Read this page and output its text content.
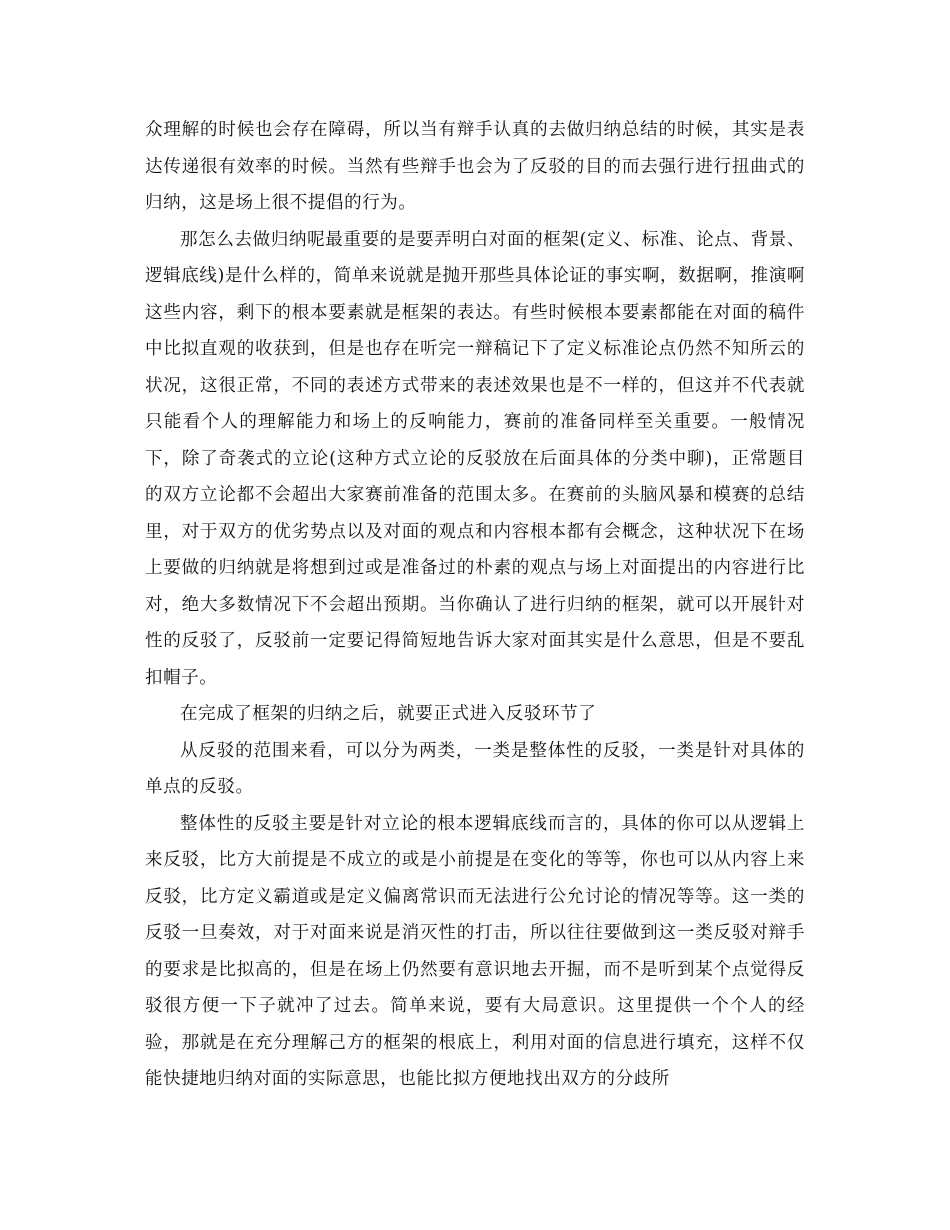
众理解的时候也会存在障碍，所以当有辩手认真的去做归纳总结的时候，其实是表达传递很有效率的时候。当然有些辩手也会为了反驳的目的而去强行进行扭曲式的归纳，这是场上很不提倡的行为。

那怎么去做归纳呢最重要的是要弄明白对面的框架(定义、标准、论点、背景、逻辑底线)是什么样的，简单来说就是抛开那些具体论证的事实啊，数据啊，推演啊这些内容，剩下的根本要素就是框架的表达。有些时候根本要素都能在对面的稿件中比拟直观的收获到，但是也存在听完一辩稿记下了定义标准论点仍然不知所云的状况，这很正常，不同的表述方式带来的表述效果也是不一样的，但这并不代表就只能看个人的理解能力和场上的反响能力，赛前的准备同样至关重要。一般情况下，除了奇袭式的立论(这种方式立论的反驳放在后面具体的分类中聊)，正常题目的双方立论都不会超出大家赛前准备的范围太多。在赛前的头脑风暴和模赛的总结里，对于双方的优劣势点以及对面的观点和内容根本都有会概念，这种状况下在场上要做的归纳就是将想到过或是准备过的朴素的观点与场上对面提出的内容进行比对，绝大多数情况下不会超出预期。当你确认了进行归纳的框架，就可以开展针对性的反驳了，反驳前一定要记得简短地告诉大家对面其实是什么意思，但是不要乱扣帽子。

在完成了框架的归纳之后，就要正式进入反驳环节了

从反驳的范围来看，可以分为两类，一类是整体性的反驳，一类是针对具体的单点的反驳。

整体性的反驳主要是针对立论的根本逻辑底线而言的，具体的你可以从逻辑上来反驳，比方大前提是不成立的或是小前提是在变化的等等，你也可以从内容上来反驳，比方定义霸道或是定义偏离常识而无法进行公允讨论的情况等等。这一类的反驳一旦奏效，对于对面来说是消灭性的打击，所以往往要做到这一类反驳对辩手的要求是比拟高的，但是在场上仍然要有意识地去开掘，而不是听到某个点觉得反驳很方便一下子就冲了过去。简单来说，要有大局意识。这里提供一个个人的经验，那就是在充分理解己方的框架的根底上，利用对面的信息进行填充，这样不仅能快捷地归纳对面的实际意思，也能比拟方便地找出双方的分歧所
